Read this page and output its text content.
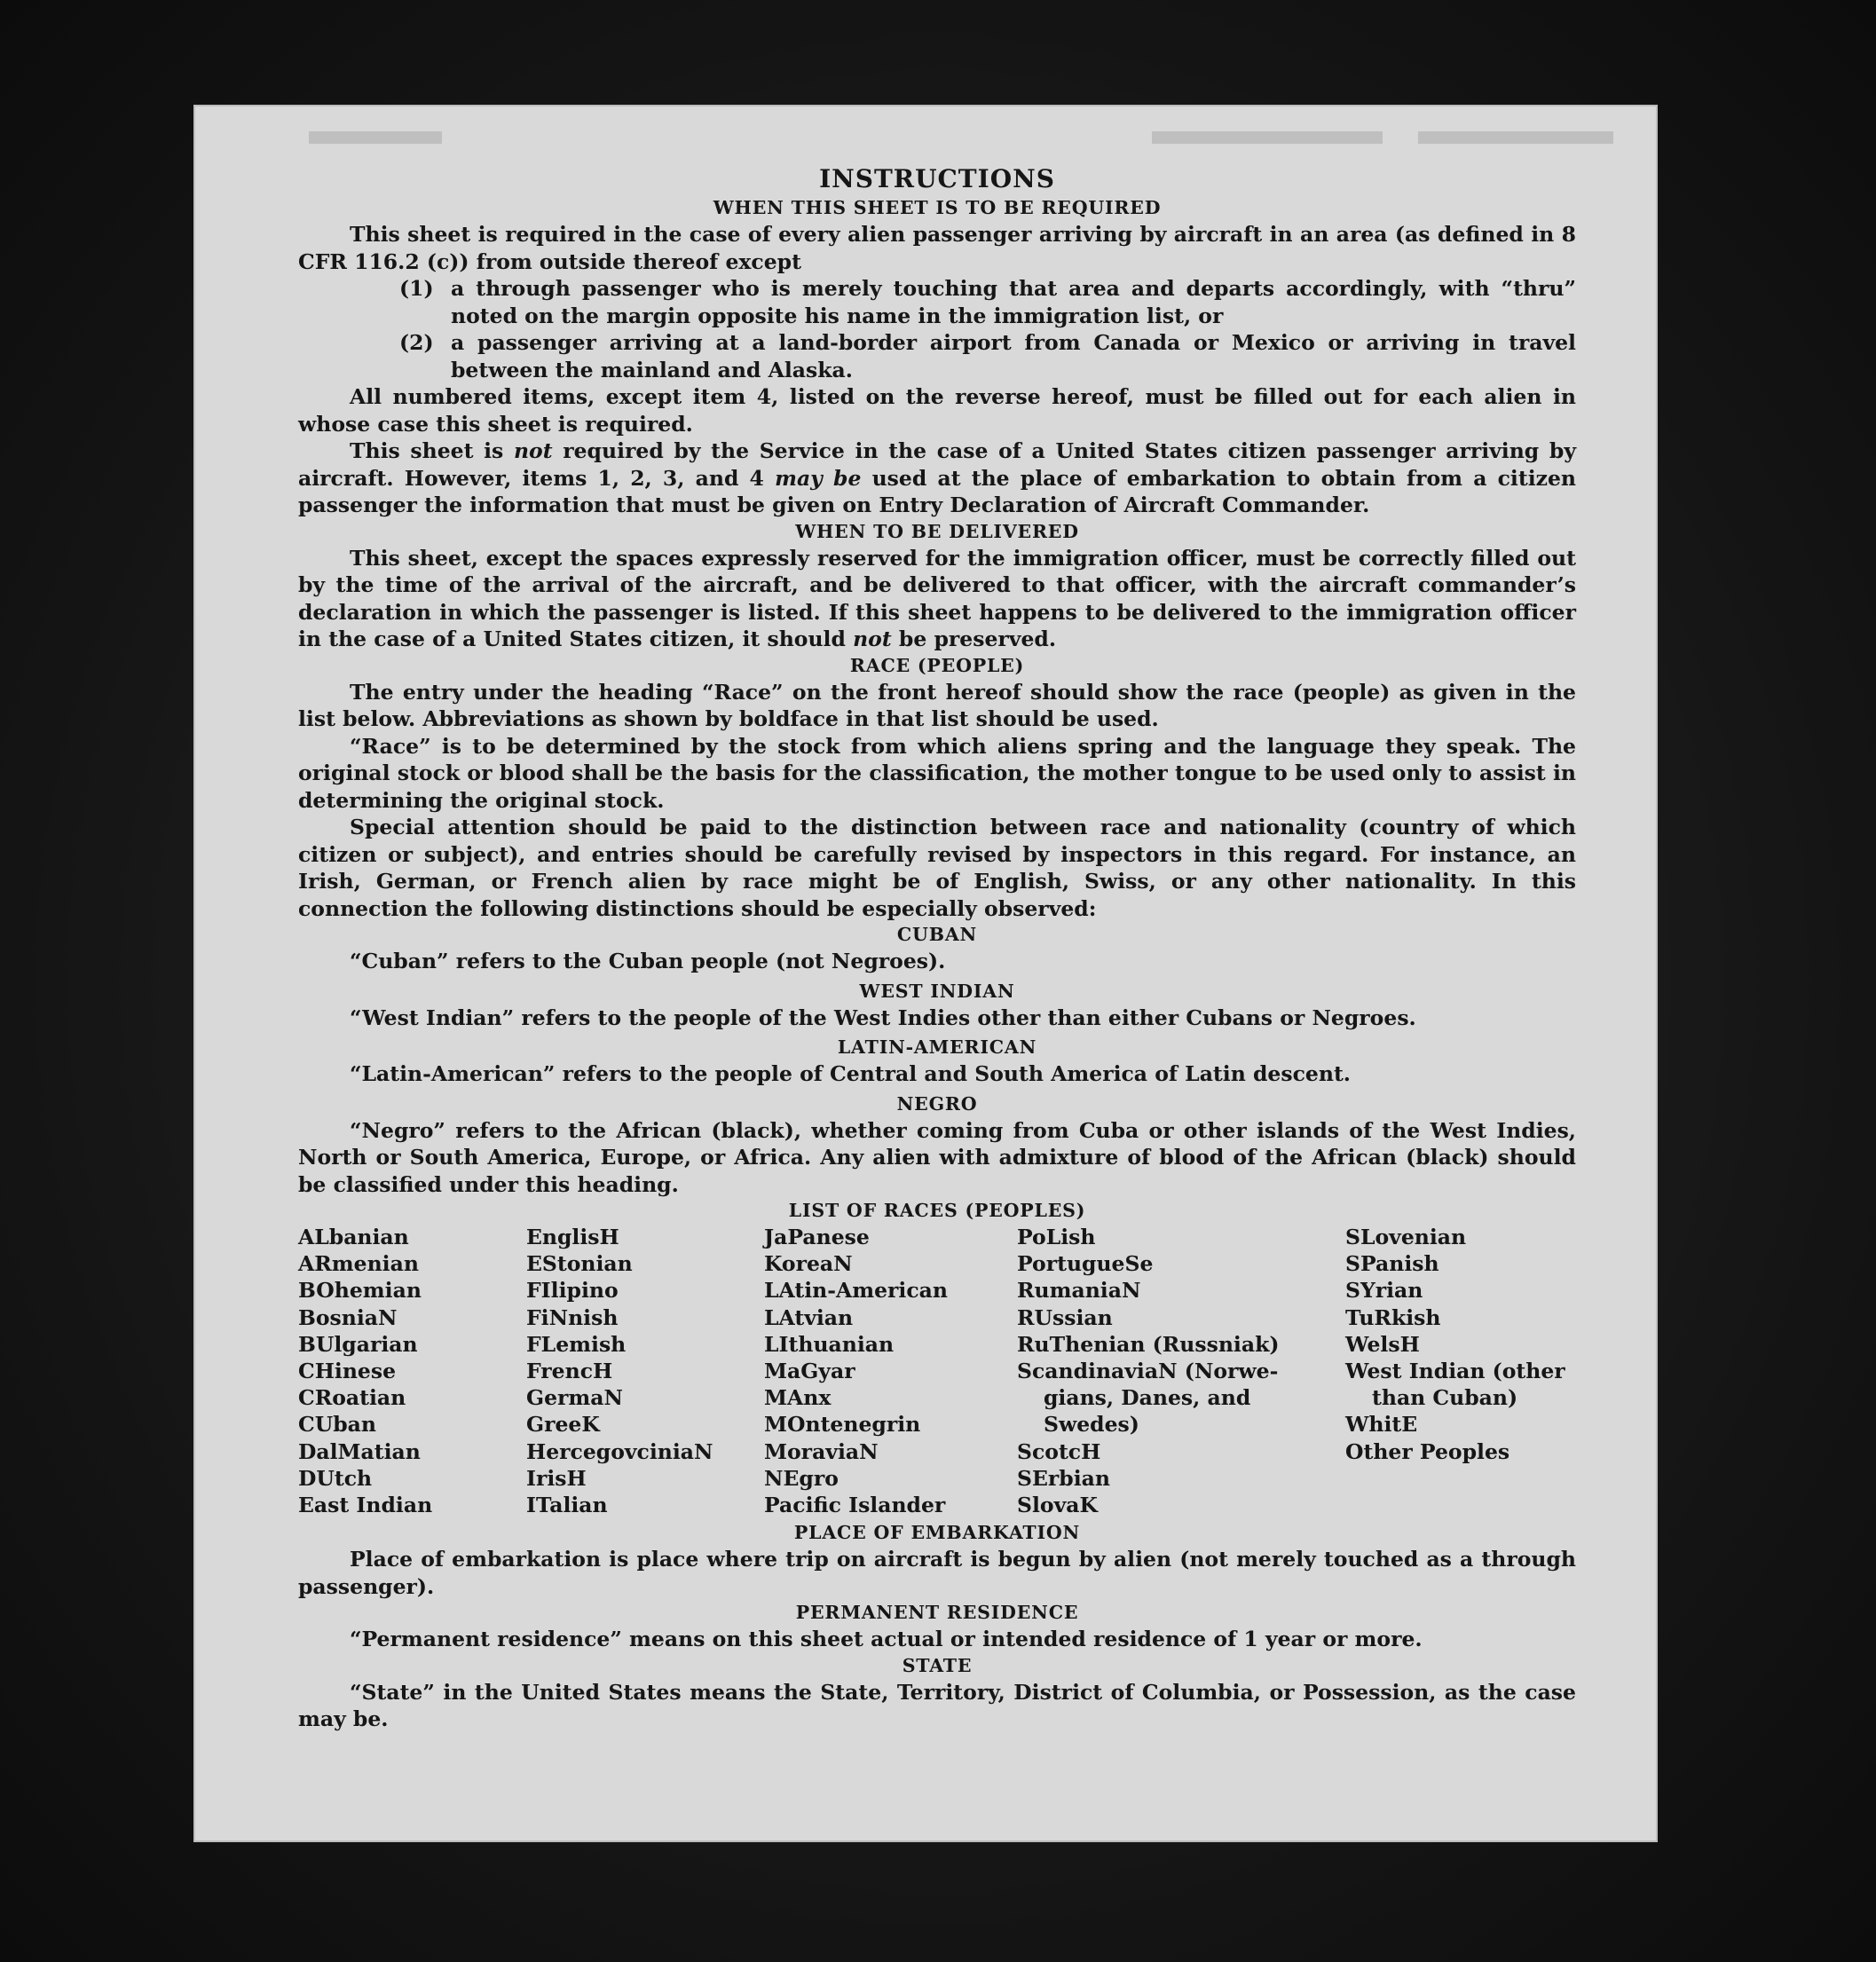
INSTRUCTIONS
WHEN THIS SHEET IS TO BE REQUIRED

This sheet is required in the case of every alien passenger arriving by aircraft in an area (as defined in 8 CFR 116.2 (c)) from outside thereof except

(1) a through passenger who is merely touching that area and departs accordingly, with “thru” noted on the margin opposite his name in the immigration list, or
(2) a passenger arriving at a land-border airport from Canada or Mexico or arriving in travel between the mainland and Alaska.

All numbered items, except item 4, listed on the reverse hereof, must be filled out for each alien in whose case this sheet is required.

This sheet is not required by the Service in the case of a United States citizen passenger arriving by aircraft. However, items 1, 2, 3, and 4 may be used at the place of embarkation to obtain from a citizen passenger the information that must be given on Entry Declaration of Aircraft Commander.

WHEN TO BE DELIVERED

This sheet, except the spaces expressly reserved for the immigration officer, must be correctly filled out by the time of the arrival of the aircraft, and be delivered to that officer, with the aircraft commander’s declaration in which the passenger is listed. If this sheet happens to be delivered to the immigration officer in the case of a United States citizen, it should not be preserved.

RACE (PEOPLE)

The entry under the heading “Race” on the front hereof should show the race (people) as given in the list below. Abbreviations as shown by boldface in that list should be used.

“Race” is to be determined by the stock from which aliens spring and the language they speak. The original stock or blood shall be the basis for the classification, the mother tongue to be used only to assist in determining the original stock.

Special attention should be paid to the distinction between race and nationality (country of which citizen or subject), and entries should be carefully revised by inspectors in this regard. For instance, an Irish, German, or French alien by race might be of English, Swiss, or any other nationality. In this connection the following distinctions should be especially observed:

CUBAN

“Cuban” refers to the Cuban people (not Negroes).

WEST INDIAN

“West Indian” refers to the people of the West Indies other than either Cubans or Negroes.

LATIN-AMERICAN

“Latin-American” refers to the people of Central and South America of Latin descent.

NEGRO

“Negro” refers to the African (black), whether coming from Cuba or other islands of the West Indies, North or South America, Europe, or Africa. Any alien with admixture of blood of the African (black) should be classified under this heading.

LIST OF RACES (PEOPLES)
ALbanian
ARmenian
BOhemian
BosniaN
BUlgarian
CHinese
CRoatian
CUban
DalMatian
DUtch
East Indian
EnglisH
EStonian
FIlipino
FiNnish
FLemish
FrencH
GermaN
GreeK
HercegovciniaN
IrisH
ITalian
JaPanese
KoreaN
LAtin-American
LAtvian
LIthuanian
MaGyar
MAnx
MOntenegrin
MoraviaN
NEgro
Pacific Islander
PoLish
PortugueSe
RumaniaN
RUssian
RuThenian (Russniak)
ScandinaviaN (Norwe-
gians, Danes, and
Swedes)
ScotcH
SErbian
SlovaK
SLovenian
SPanish
SYrian
TuRkish
WelsH
West Indian (other
than Cuban)
WhitE
Other Peoples
PLACE OF EMBARKATION

Place of embarkation is place where trip on aircraft is begun by alien (not merely touched as a through passenger).

PERMANENT RESIDENCE

“Permanent residence” means on this sheet actual or intended residence of 1 year or more.

STATE

“State” in the United States means the State, Territory, District of Columbia, or Possession, as the case may be.
